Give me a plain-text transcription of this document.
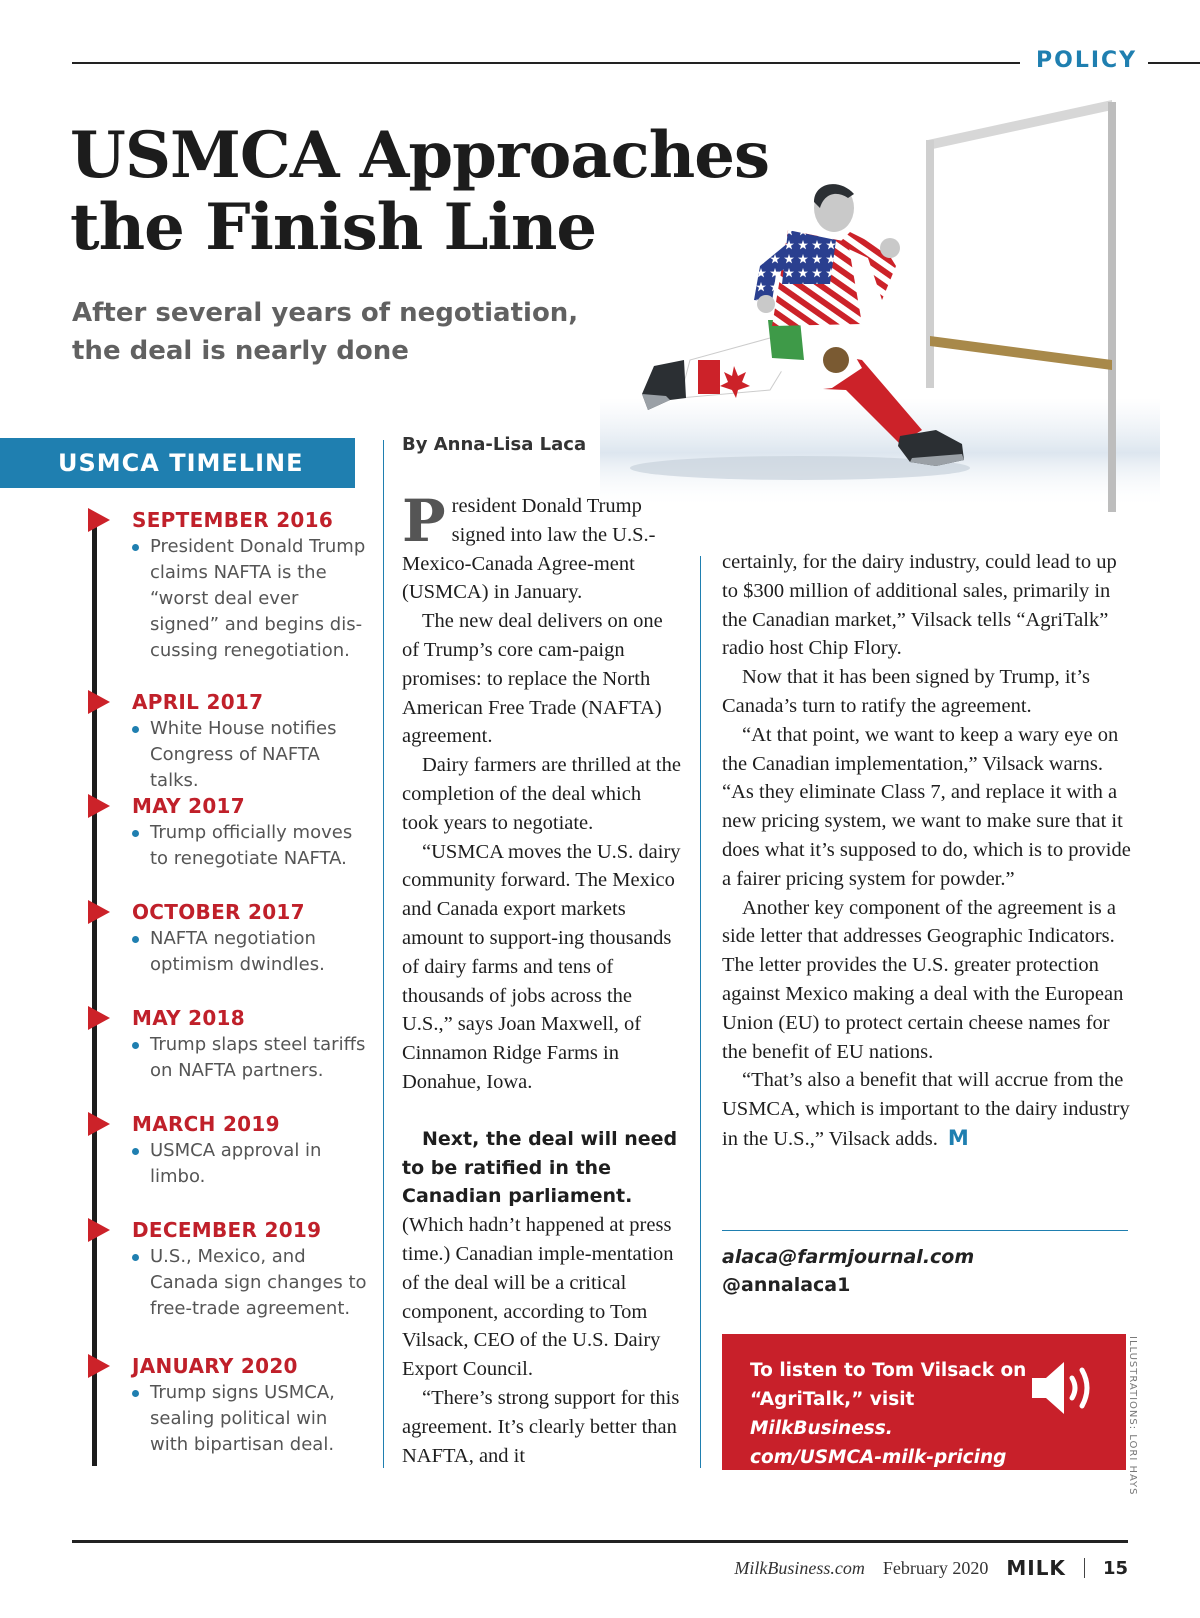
POLICY
USMCA Approaches
the Finish Line

After several years of negotiation,
the deal is nearly done

ILLUSTRATIONS: LORI HAYS
USMCA TIMELINE
SEPTEMBER 2016
President Donald Trump claims NAFTA is the “worst deal ever signed” and begins dis-cussing renegotiation.
APRIL 2017
White House notifies Congress of NAFTA talks.
MAY 2017
Trump officially moves to renegotiate NAFTA.
OCTOBER 2017
NAFTA negotiation optimism dwindles.
MAY 2018
Trump slaps steel tariffs on NAFTA partners.
MARCH 2019
USMCA approval in limbo.
DECEMBER 2019
U.S., Mexico, and Canada sign changes to free-trade agreement.
JANUARY 2020
Trump signs USMCA, sealing political win with bipartisan deal.
By Anna-Lisa Laca

President Donald Trump signed into law the U.S.-Mexico-Canada Agree-ment (USMCA) in January.

The new deal delivers on one of Trump’s core cam-paign promises: to replace the North American Free Trade (NAFTA) agreement.

Dairy farmers are thrilled at the completion of the deal which took years to negotiate.

“USMCA moves the U.S. dairy community forward. The Mexico and Canada export markets amount to support-ing thousands of dairy farms and tens of thousands of jobs across the U.S.,” says Joan Maxwell, of Cinnamon Ridge Farms in Donahue, Iowa.

Next, the deal will need to be ratified in the Canadian parliament. (Which hadn’t happened at press time.) Canadian imple-mentation of the deal will be a critical component, according to Tom Vilsack, CEO of the U.S. Dairy Export Council.

“There’s strong support for this agreement. It’s clearly better than NAFTA, and it

certainly, for the dairy industry, could lead to up to $300 million of additional sales, primarily in the Canadian market,” Vilsack tells “AgriTalk” radio host Chip Flory.

Now that it has been signed by Trump, it’s Canada’s turn to ratify the agreement.

“At that point, we want to keep a wary eye on the Canadian implementation,” Vilsack warns. “As they eliminate Class 7, and replace it with a new pricing system, we want to make sure that it does what it’s supposed to do, which is to provide a fairer pricing system for powder.”

Another key component of the agreement is a side letter that addresses Geographic Indicators. The letter provides the U.S. greater protection against Mexico making a deal with the European Union (EU) to protect certain cheese names for the benefit of EU nations.

“That’s also a benefit that will accrue from the USMCA, which is important to the dairy industry in the U.S.,” Vilsack adds. M

alaca@farmjournal.com
@annalaca1
To listen to Tom Vilsack on
“AgriTalk,” visit MilkBusiness.
com/USMCA-milk-pricing
MilkBusiness.com February 2020 MILK 15
